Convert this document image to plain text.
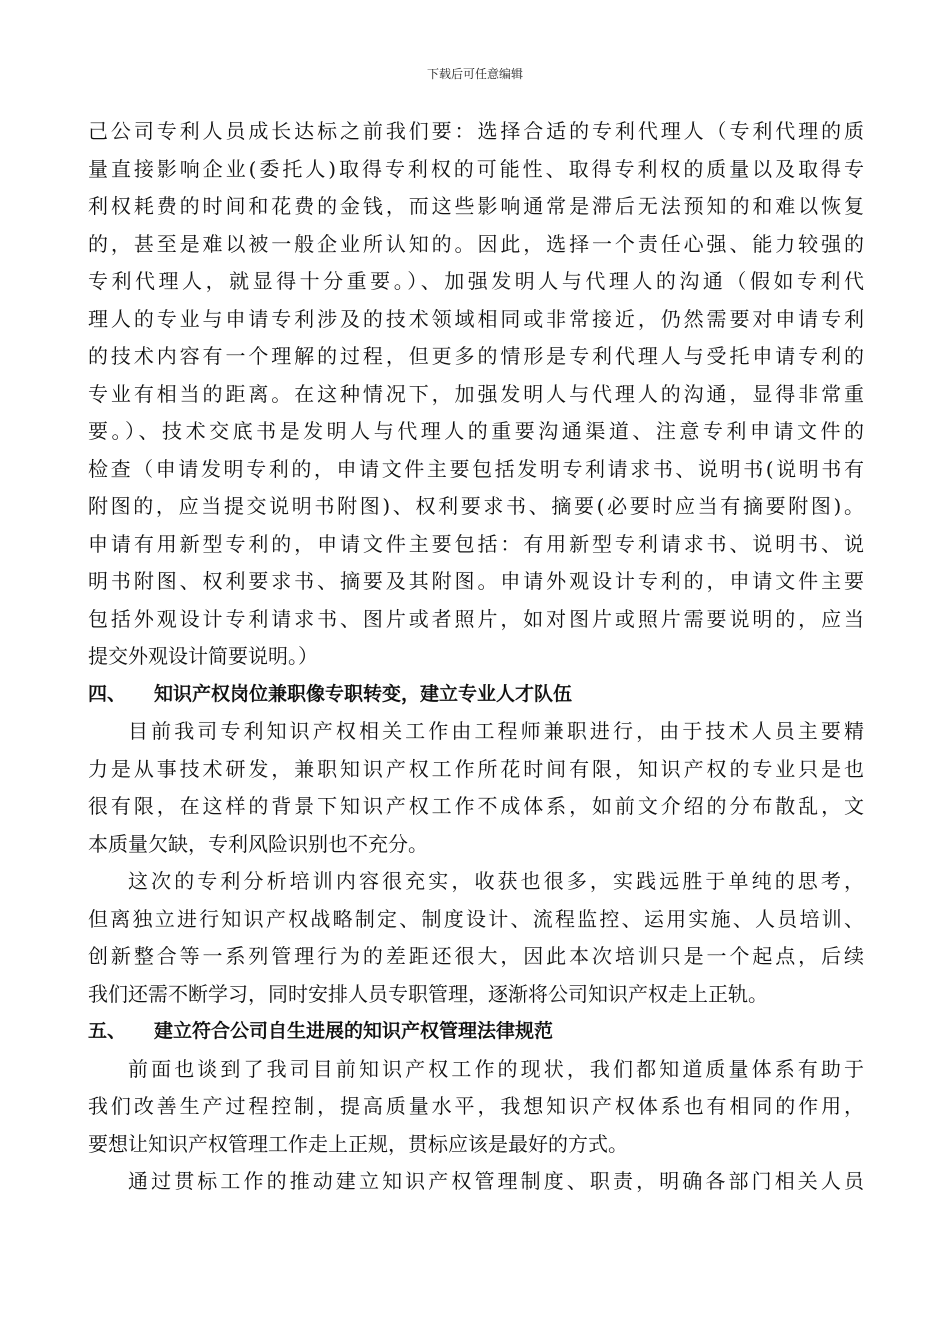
下载后可任意编辑
己公司专利人员成长达标之前我们要：选择合适的专利代理人（专利代理的质
量直接影响企业(委托人)取得专利权的可能性、取得专利权的质量以及取得专
利权耗费的时间和花费的金钱，而这些影响通常是滞后无法预知的和难以恢复
的，甚至是难以被一般企业所认知的。因此，选择一个责任心强、能力较强的
专利代理人，就显得十分重要。）、加强发明人与代理人的沟通（假如专利代
理人的专业与申请专利涉及的技术领域相同或非常接近，仍然需要对申请专利
的技术内容有一个理解的过程，但更多的情形是专利代理人与受托申请专利的
专业有相当的距离。在这种情况下，加强发明人与代理人的沟通，显得非常重
要。）、技术交底书是发明人与代理人的重要沟通渠道、注意专利申请文件的
检查（申请发明专利的，申请文件主要包括发明专利请求书、说明书(说明书有
附图的，应当提交说明书附图)、权利要求书、摘要(必要时应当有摘要附图)。
申请有用新型专利的，申请文件主要包括：有用新型专利请求书、说明书、说
明书附图、权利要求书、摘要及其附图。申请外观设计专利的，申请文件主要
包括外观设计专利请求书、图片或者照片，如对图片或照片需要说明的，应当
提交外观设计简要说明。）
四、 知识产权岗位兼职像专职转变，建立专业人才队伍
目前我司专利知识产权相关工作由工程师兼职进行，由于技术人员主要精
力是从事技术研发，兼职知识产权工作所花时间有限，知识产权的专业只是也
很有限，在这样的背景下知识产权工作不成体系，如前文介绍的分布散乱，文
本质量欠缺，专利风险识别也不充分。
这次的专利分析培训内容很充实，收获也很多，实践远胜于单纯的思考，
但离独立进行知识产权战略制定、制度设计、流程监控、运用实施、人员培训、
创新整合等一系列管理行为的差距还很大，因此本次培训只是一个起点，后续
我们还需不断学习，同时安排人员专职管理，逐渐将公司知识产权走上正轨。
五、 建立符合公司自生进展的知识产权管理法律规范
前面也谈到了我司目前知识产权工作的现状，我们都知道质量体系有助于
我们改善生产过程控制，提高质量水平，我想知识产权体系也有相同的作用，
要想让知识产权管理工作走上正规，贯标应该是最好的方式。
通过贯标工作的推动建立知识产权管理制度、职责，明确各部门相关人员
